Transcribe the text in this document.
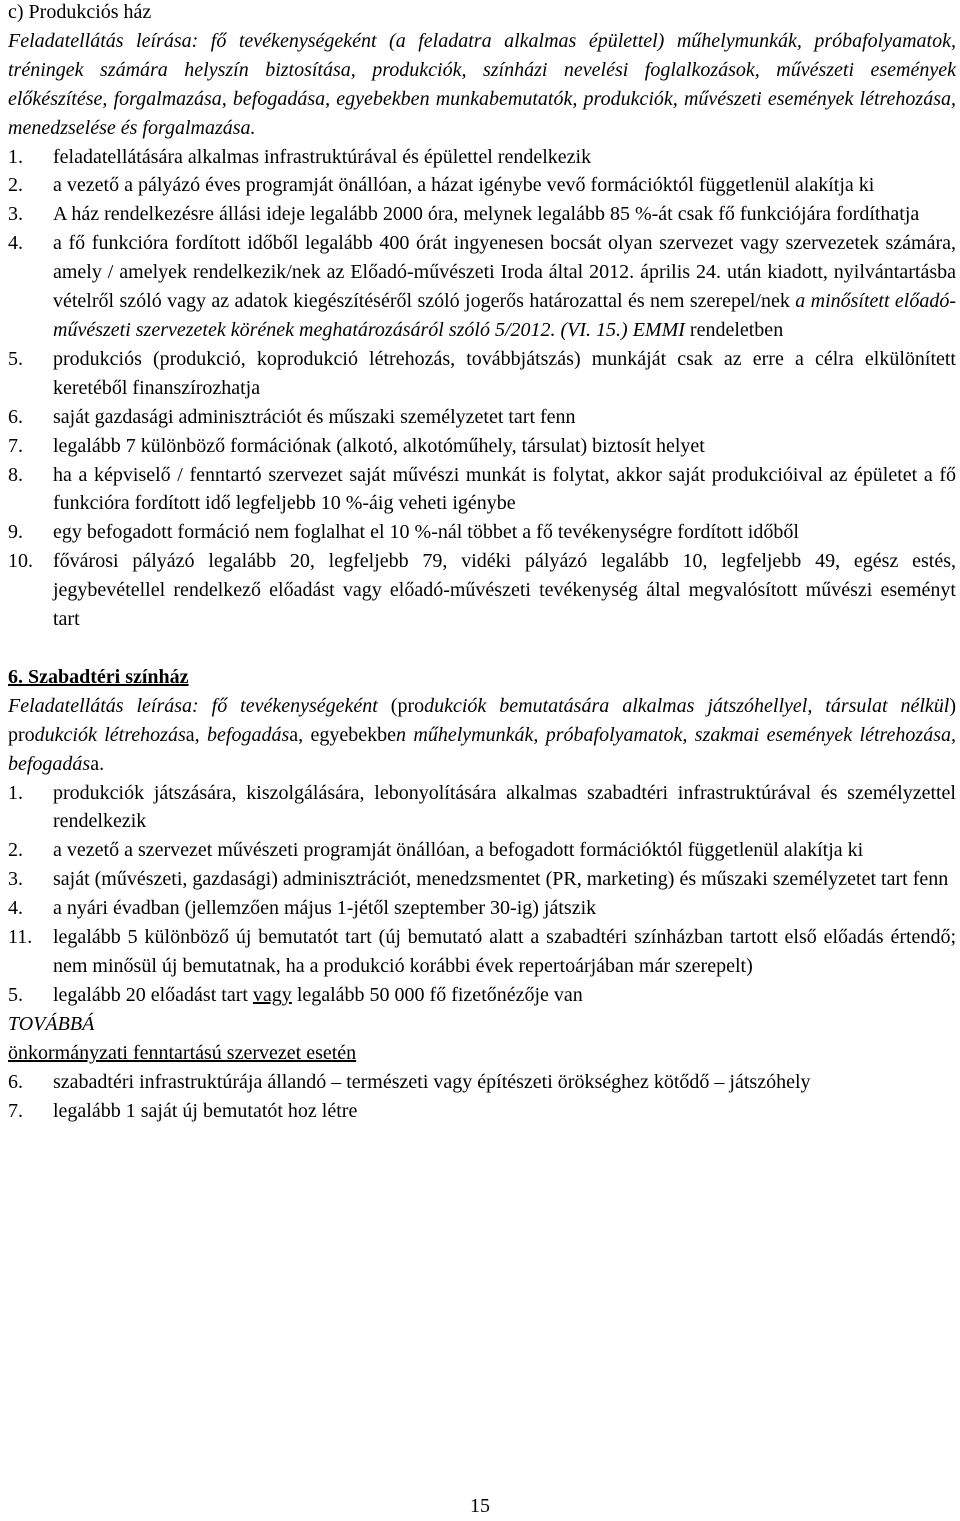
c) Produkciós ház

Feladatellátás leírása: fő tevékenységeként (a feladatra alkalmas épülettel) műhelymunkák, próbafolyamatok, tréningek számára helyszín biztosítása, produkciók, színházi nevelési foglalkozások, művészeti események előkészítése, forgalmazása, befogadása, egyebekben munkabemutatók, produkciók, művészeti események létrehozása, menedzselése és forgalmazása.

1.	feladatellátására alkalmas infrastruktúrával és épülettel rendelkezik
2.	a vezető a pályázó éves programját önállóan, a házat igénybe vevő formációktól függetlenül alakítja ki
3.	A ház rendelkezésre állási ideje legalább 2000 óra, melynek legalább 85 %-át csak fő funkciójára fordíthatja
4.	a fő funkcióra fordított időből legalább 400 órát ingyenesen bocsát olyan szervezet vagy szervezetek számára, amely / amelyek rendelkezik/nek az Előadó-művészeti Iroda által 2012. április 24. után kiadott, nyilvántartásba vételről szóló vagy az adatok kiegészítéséről szóló jogerős határozattal és nem szerepel/nek a minősített előadó-művészeti szervezetek körének meghatározásáról szóló 5/2012. (VI. 15.) EMMI rendeletben
5.	produkciós (produkció, koprodukció létrehozás, továbbjátszás) munkáját csak az erre a célra elkülönített keretéből finanszírozhatja
6.	saját gazdasági adminisztrációt és műszaki személyzetet tart fenn
7.	legalább 7 különböző formációnak (alkotó, alkotóműhely, társulat) biztosít helyet
8.	ha a képviselő / fenntartó szervezet saját művészi munkát is folytat, akkor saját produkcióival az épületet a fő funkcióra fordított idő legfeljebb 10 %-áig veheti igénybe
9.	egy befogadott formáció nem foglalhat el 10 %-nál többet a fő tevékenységre fordított időből
10.	fővárosi pályázó legalább 20, legfeljebb 79, vidéki pályázó legalább 10, legfeljebb 49, egész estés, jegybevétellel rendelkező előadást vagy előadó-művészeti tevékenység által megvalósított művészi eseményt tart

6. Szabadtéri színház

Feladatellátás leírása: fő tevékenységeként (produkciók bemutatására alkalmas játszóhellyel, társulat nélkül) produkciók létrehozása, befogadása, egyebekben műhelymunkák, próbafolyamatok, szakmai események létrehozása, befogadása.

1.	produkciók játszására, kiszolgálására, lebonyolítására alkalmas szabadtéri infrastruktúrával és személyzettel rendelkezik
2.	a vezető a szervezet művészeti programját önállóan, a befogadott formációktól függetlenül alakítja ki
3.	saját (művészeti, gazdasági) adminisztrációt, menedzsmentet (PR, marketing) és műszaki személyzetet tart fenn
4.	a nyári évadban (jellemzően május 1-jétől szeptember 30-ig) játszik
11.	legalább 5 különböző új bemutatót tart (új bemutató alatt a szabadtéri színházban tartott első előadás értendő; nem minősül új bemutatnak, ha a produkció korábbi évek repertoárjában már szerepelt)
5.	legalább 20 előadást tart vagy legalább 50 000 fő fizetőnézője van

TOVÁBBÁ

önkormányzati fenntartású szervezet esetén

6.	szabadtéri infrastruktúrája állandó – természeti vagy építészeti örökséghez kötődő – játszóhely
7.	legalább 1 saját új bemutatót hoz létre
15
